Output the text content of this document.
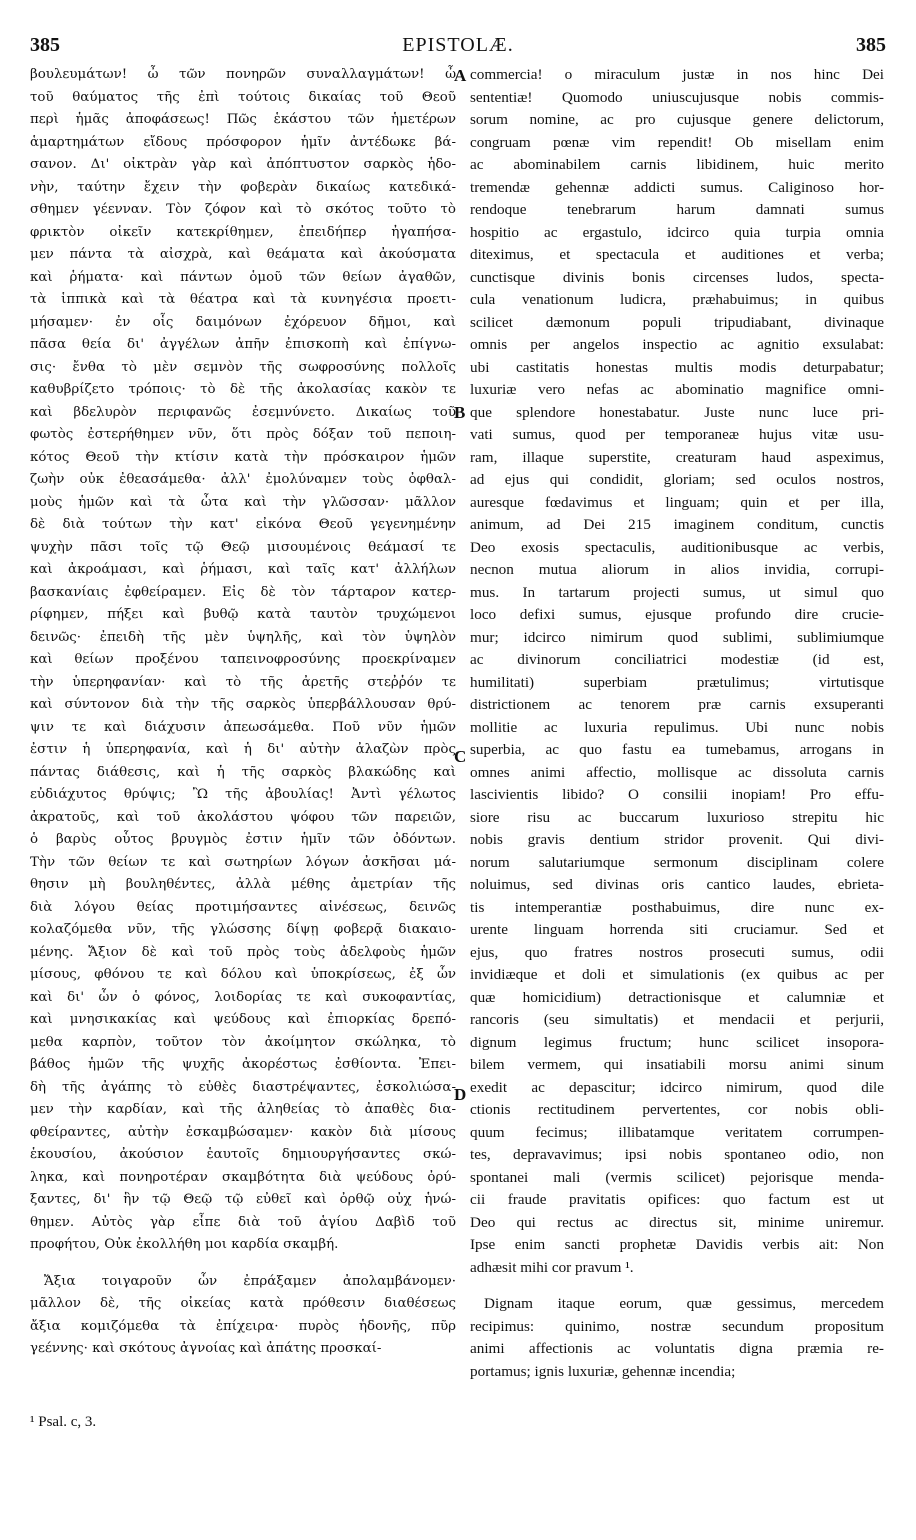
385	EPISTOLÆ.	385
βουλευμάτων! ὦ τῶν πονηρῶν συναλλαγμάτων! ὦ
τοῦ θαύματος τῆς ἐπὶ τούτοις δικαίας τοῦ Θεοῦ
περὶ ἡμᾶς ἀποφάσεως! Πῶς ἑκάστου τῶν ἡμετέρων
ἁμαρτημάτων εἴδους πρόσφορον ἡμῖν ἀντέδωκε βά-
σανον. Δι' οἰκτρὰν γὰρ καὶ ἀπόπτυστον σαρκὸς ἡδο-
νὴν, ταύτην ἔχειν τὴν φοβερὰν δικαίως κατεδικά-
σθημεν γέενναν. Τὸν ζόφον καὶ τὸ σκότος τοῦτο τὸ
φρικτὸν οἰκεῖν κατεκρίθημεν, ἐπειδήπερ ἠγαπήσα-
μεν πάντα τὰ αἰσχρὰ, καὶ θεάματα καὶ ἀκούσματα
καὶ ῥήματα· καὶ πάντων ὁμοῦ τῶν θείων ἀγαθῶν,
τὰ ἱππικὰ καὶ τὰ θέατρα καὶ τὰ κυνηγέσια προετι-
μήσαμεν· ἐν οἷς δαιμόνων ἐχόρευον δῆμοι, καὶ
πᾶσα θεία δι' ἀγγέλων ἀπῆν ἐπισκοπὴ καὶ ἐπίγνω-
σις· ἔνθα τὸ μὲν σεμνὸν τῆς σωφροσύνης πολλοῖς
καθυβρίζετο τρόποις· τὸ δὲ τῆς ἀκολασίας κακὸν τε
καὶ βδελυρὸν περιφανῶς ἐσεμνύνετο. Δικαίως τοῦ
φωτὸς ἐστερήθημεν νῦν, ὅτι πρὸς δόξαν τοῦ πεποιη-
κότος Θεοῦ τὴν κτίσιν κατὰ τὴν πρόσκαιρον ἡμῶν
ζωὴν οὐκ ἐθεασάμεθα· ἀλλ' ἐμολύναμεν τοὺς ὀφθαλ-
μοὺς ἡμῶν καὶ τὰ ὦτα καὶ τὴν γλῶσσαν· μᾶλλον
δὲ διὰ τούτων τὴν κατ' εἰκόνα Θεοῦ γεγενημένην
ψυχὴν πᾶσι τοῖς τῷ Θεῷ μισουμένοις θεάμασί τε
καὶ ἀκροάμασι, καὶ ῥήμασι, καὶ ταῖς κατ' ἀλλήλων
βασκανίαις ἐφθείραμεν. Εἰς δὲ τὸν τάρταρον κατερ-
ρίφημεν, πήξει καὶ βυθῷ κατὰ ταυτὸν τρυχώμενοι
δεινῶς· ἐπειδὴ τῆς μὲν ὑψηλῆς, καὶ τὸν ὑψηλὸν
καὶ θείων προξένου ταπεινοφροσύνης προεκρίναμεν
τὴν ὑπερηφανίαν· καὶ τὸ τῆς ἀρετῆς στεῤῥόν τε
καὶ σύντονον διὰ τὴν τῆς σαρκὸς ὑπερβάλλουσαν θρύ-
ψιν τε καὶ διάχυσιν ἀπεωσάμεθα. Ποῦ νῦν ἡμῶν
ἐστιν ἡ ὑπερηφανία, καὶ ἡ δι' αὐτὴν ἀλαζὼν πρὸς
πάντας διάθεσις, καὶ ἡ τῆς σαρκὸς βλακώδης καὶ
εὐδιάχυτος θρύψις; Ὢ τῆς ἀβουλίας! Ἀντὶ γέλωτος
ἀκρατοῦς, καὶ τοῦ ἀκολάστου ψόφου τῶν παρειῶν,
ὁ βαρὺς οὗτος βρυγμὸς ἐστιν ἡμῖν τῶν ὀδόντων.
Τὴν τῶν θείων τε καὶ σωτηρίων λόγων ἀσκῆσαι μά-
θησιν μὴ βουληθέντες, ἀλλὰ μέθης ἀμετρίαν τῆς
διὰ λόγου θείας προτιμήσαντες αἰνέσεως, δεινῶς
κολαζόμεθα νῦν, τῆς γλώσσης δίψῃ φοβερᾷ διακαιο-
μένης. Ἄξιον δὲ καὶ τοῦ πρὸς τοὺς ἀδελφοὺς ἡμῶν
μίσους, φθόνου τε καὶ δόλου καὶ ὑποκρίσεως, ἐξ ὧν
καὶ δι' ὧν ὁ φόνος, λοιδορίας τε καὶ συκοφαντίας,
καὶ μνησικακίας καὶ ψεύδους καὶ ἐπιορκίας δρεπό-
μεθα καρπὸν, τοῦτον τὸν ἀκοίμητον σκώληκα, τὸ
βάθος ἡμῶν τῆς ψυχῆς ἀκορέστως ἐσθίοντα. Ἐπει-
δὴ τῆς ἀγάπης τὸ εὐθὲς διαστρέψαντες, ἐσκολιώσα-
μεν τὴν καρδίαν, καὶ τῆς ἀληθείας τὸ ἀπαθὲς δια-
φθείραντες, αὐτὴν ἐσκαμβώσαμεν· κακὸν διὰ μίσους
ἑκουσίου, ἀκούσιον ἑαυτοῖς δημιουργήσαντες σκώ-
ληκα, καὶ πονηροτέραν σκαμβότητα διὰ ψεύδους ὀρύ-
ξαντες, δι' ἣν τῷ Θεῷ τῷ εὐθεῖ καὶ ὀρθῷ οὐχ ἡνώ-
θημεν. Αὐτὸς γὰρ εἶπε διὰ τοῦ ἁγίου Δαβὶδ τοῦ
προφήτου, Οὐκ ἐκολλήθη μοι καρδία σκαμβή.
Ἄξια τοιγαροῦν ὧν ἐπράξαμεν ἀπολαμβάνομεν·
μᾶλλον δὲ, τῆς οἰκείας κατὰ πρόθεσιν διαθέσεως
ἄξια κομιζόμεθα τὰ ἐπίχειρα· πυρὸς ἡδονῆς, πῦρ
γεέννης· καὶ σκότους ἀγνοίας καὶ ἀπάτης προσκαί-
commercia! o miraculum justæ in nos hinc Dei
sententiæ! Quomodo uniuscujusque nobis commis-
sorum nomine, ac pro cujusque genere delictorum,
congruam pœnæ vim rependit! Ob misellam enim
ac abominabilem carnis libidinem, huic merito
tremendæ gehennæ addicti sumus. Caliginoso hor-
rendoque tenebrarum harum damnati sumus
hospitio ac ergastulo, idcirco quia turpia omnia
diteximus, et spectacula et auditiones et verba;
cunctisque divinis bonis circenses ludos, specta-
cula venationum ludicra, præhabuimus; in quibus
scilicet dæmonum populi tripudiabant, divinaque
omnis per angelos inspectio ac agnitio exsulabat:
ubi castitatis honestas multis modis deturpabatur;
luxuriæ vero nefas ac abominatio magnifice omni-
que splendore honestabatur. Juste nunc luce pri-
vati sumus, quod per temporaneæ hujus vitæ usu-
ram, illaque superstite, creaturam haud aspeximus,
ad ejus qui condidit, gloriam; sed oculos nostros,
auresque fœdavimus et linguam; quin et per illa,
animum, ad Dei 215 imaginem conditum, cunctis
Deo exosis spectaculis, auditionibusque ac verbis,
necnon mutua aliorum in alios invidia, corrupi-
mus. In tartarum projecti sumus, ut simul quo
loco defixi sumus, ejusque profundo dire crucie-
mur; idcirco nimirum quod sublimi, sublimiumque
ac divinorum conciliatrici modestiæ (id est,
humilitati) superbiam prætulimus; virtutisque
districtionem ac tenorem præ carnis exsuperanti
mollitie ac luxuria repulimus. Ubi nunc nobis
superbia, ac quo fastu ea tumebamus, arrogans in
omnes animi affectio, mollisque ac dissoluta carnis
lascivientis libido? O consilii inopiam! Pro effu-
siore risu ac buccarum luxurioso strepitu hic
nobis gravis dentium stridor provenit. Qui divi-
norum salutariumque sermonum disciplinam colere
noluimus, sed divinas oris cantico laudes, ebrieta-
tis intemperantiæ posthabuimus, dire nunc ex-
urente linguam horrenda siti cruciamur. Sed et
ejus, quo fratres nostros prosecuti sumus, odii
invidiæque et doli et simulationis (ex quibus ac per
quæ homicidium) detractionisque et calumniæ et
rancoris (seu simultatis) et mendacii et perjurii,
dignum legimus fructum; hunc scilicet insopora-
bilem vermem, qui insatiabili morsu animi sinum
exedit ac depascitur; idcirco nimirum, quod dile
ctionis rectitudinem pervertentes, cor nobis obli-
quum fecimus; illibatamque veritatem corrumpen-
tes, depravavimus; ipsi nobis spontaneo odio, non
spontanei mali (vermis scilicet) pejorisque menda-
cii fraude pravitatis opifices: quo factum est ut
Deo qui rectus ac directus sit, minime uniremur.
Ipse enim sancti prophetæ Davidis verbis ait: Non
adhæsit mihi cor pravum ¹.
Dignam itaque eorum, quæ gessimus, mercedem
recipimus: quinimo, nostræ secundum propositum
animi affectionis ac voluntatis digna præmia re-
portamus; ignis luxuriæ, gehennæ incendia;
A
B
C
D
¹ Psal. c, 3.
